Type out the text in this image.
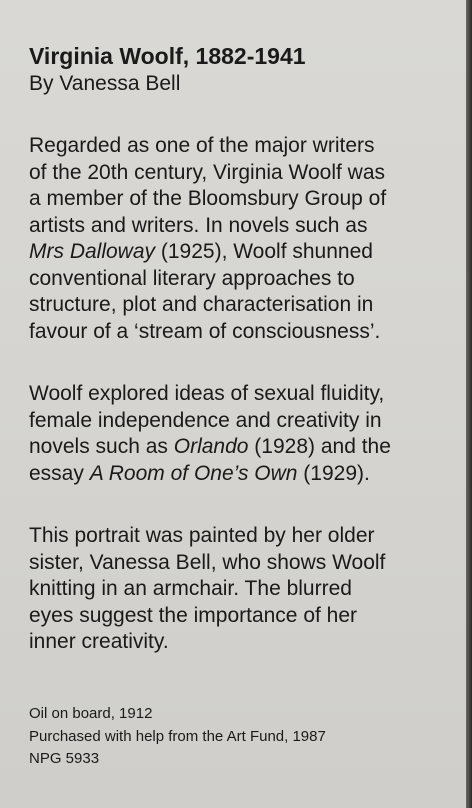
Virginia Woolf, 1882-1941

By Vanessa Bell

Regarded as one of the major writers
of the 20th century, Virginia Woolf was
a member of the Bloomsbury Group of
artists and writers. In novels such as
Mrs Dalloway (1925), Woolf shunned
conventional literary approaches to
structure, plot and characterisation in
favour of a ‘stream of consciousness’.

Woolf explored ideas of sexual fluidity,
female independence and creativity in
novels such as Orlando (1928) and the
essay A Room of One’s Own (1929).

This portrait was painted by her older
sister, Vanessa Bell, who shows Woolf
knitting in an armchair. The blurred
eyes suggest the importance of her
inner creativity.

Oil on board, 1912
Purchased with help from the Art Fund, 1987
NPG 5933
